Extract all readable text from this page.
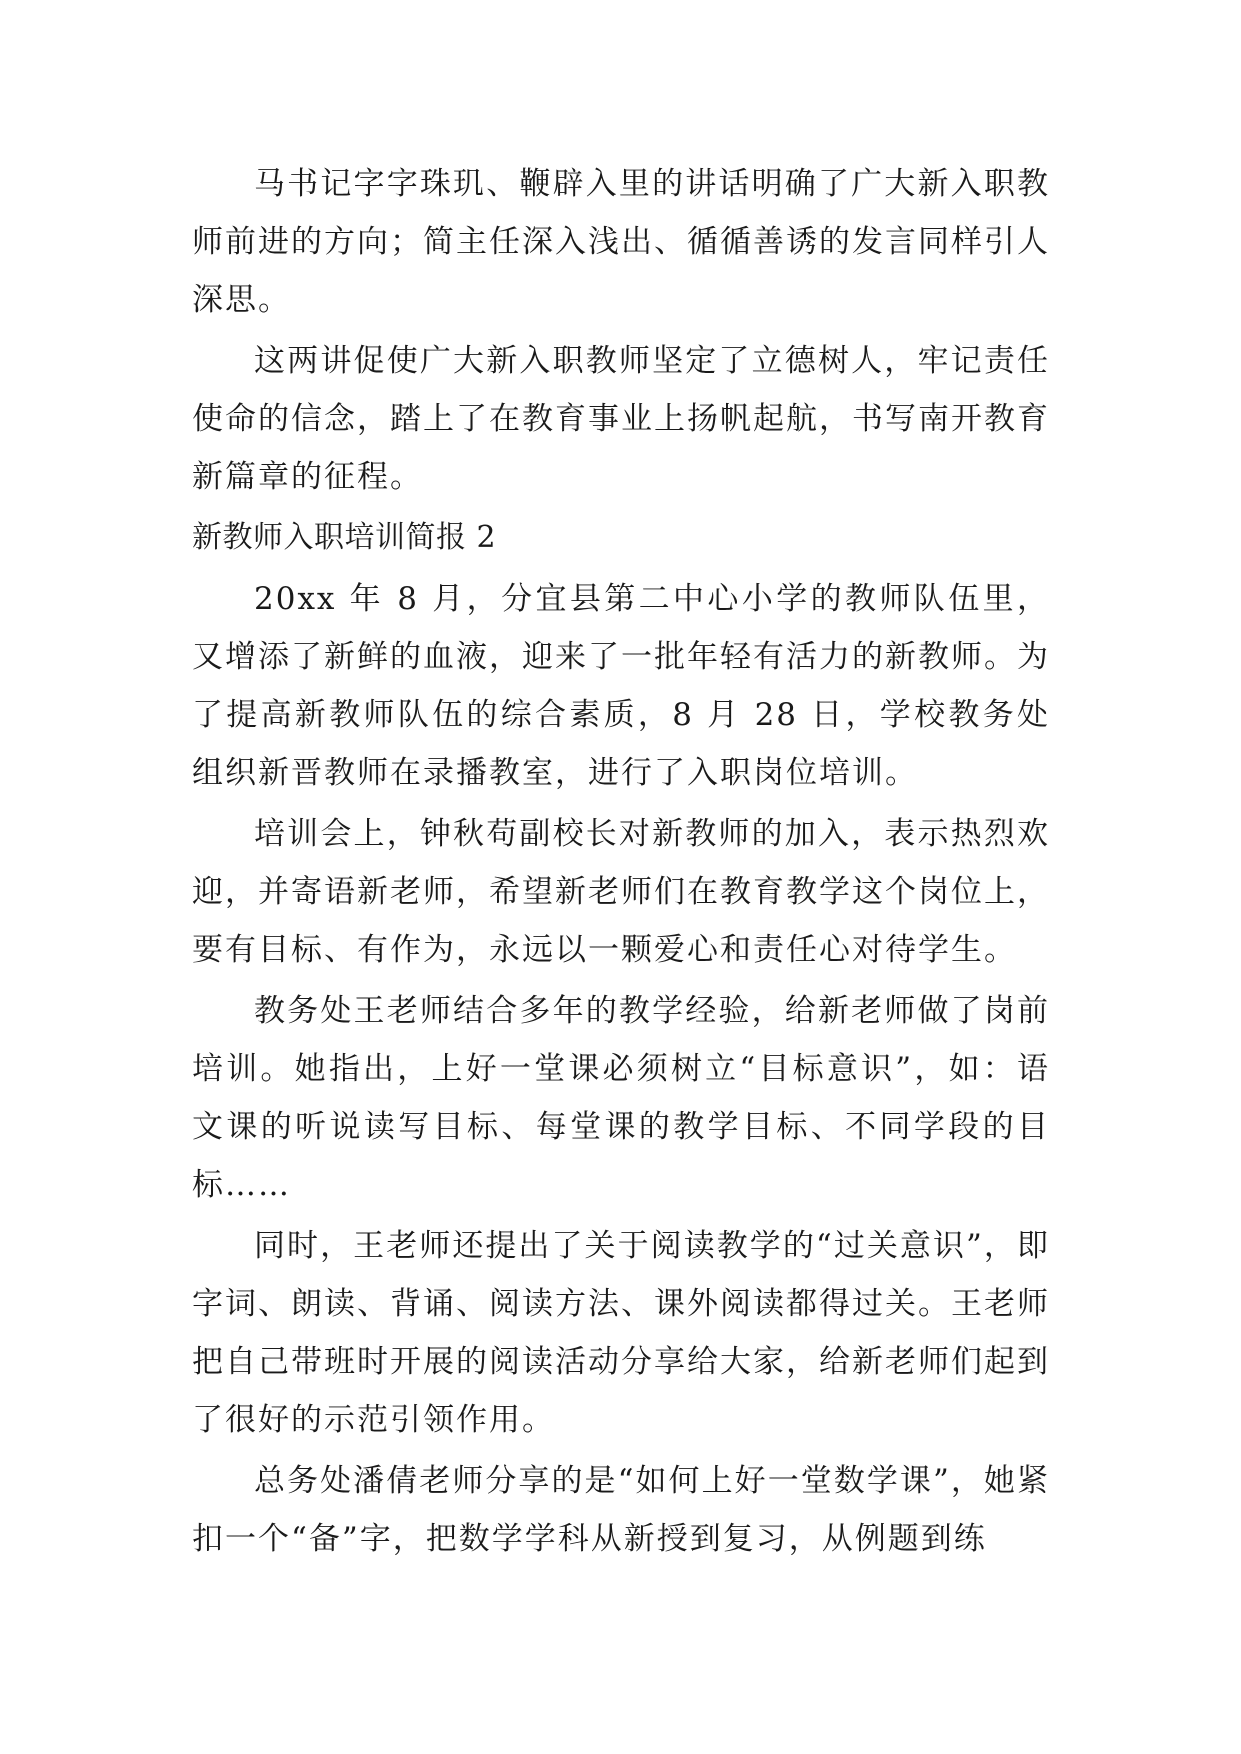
马书记字字珠玑、鞭辟入里的讲话明确了广大新入职教师前进的方向；简主任深入浅出、循循善诱的发言同样引人深思。

这两讲促使广大新入职教师坚定了立德树人，牢记责任使命的信念，踏上了在教育事业上扬帆起航，书写南开教育新篇章的征程。

新教师入职培训简报 2

20xx 年 8 月，分宜县第二中心小学的教师队伍里，又增添了新鲜的血液，迎来了一批年轻有活力的新教师。为了提高新教师队伍的综合素质，8 月 28 日，学校教务处组织新晋教师在录播教室，进行了入职岗位培训。

培训会上，钟秋苟副校长对新教师的加入，表示热烈欢迎，并寄语新老师，希望新老师们在教育教学这个岗位上，要有目标、有作为，永远以一颗爱心和责任心对待学生。

教务处王老师结合多年的教学经验，给新老师做了岗前培训。她指出，上好一堂课必须树立“目标意识”，如：语文课的听说读写目标、每堂课的教学目标、不同学段的目标……

同时，王老师还提出了关于阅读教学的“过关意识”，即字词、朗读、背诵、阅读方法、课外阅读都得过关。王老师把自己带班时开展的阅读活动分享给大家，给新老师们起到了很好的示范引领作用。

总务处潘倩老师分享的是“如何上好一堂数学课”，她紧扣一个“备”字，把数学学科从新授到复习，从例题到练
